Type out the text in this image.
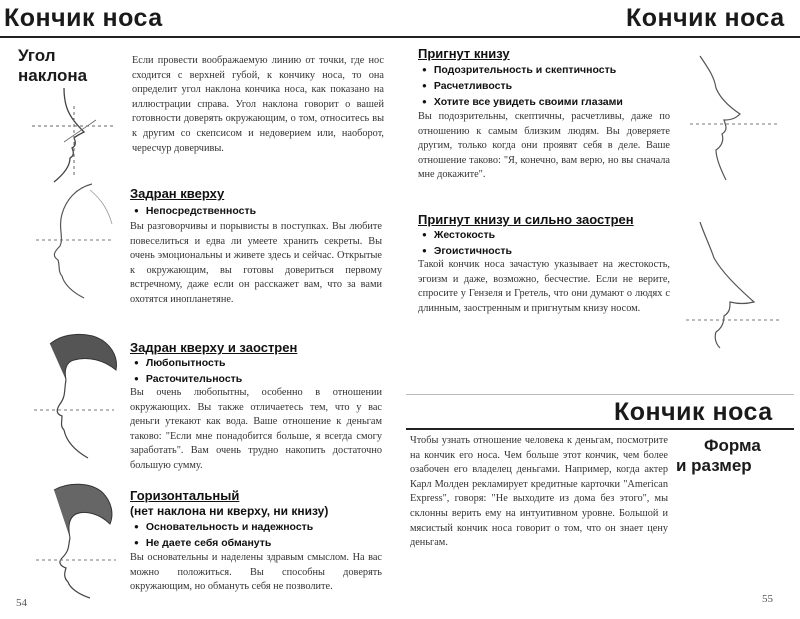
Кончик носа
Угол
наклона
Если провести воображаемую линию от точки, где нос сходится с верхней губой, к кончику носа, то она определит угол наклона кончика носа, как показано на иллюстрации справа. Угол наклона говорит о вашей готовности доверять окружающим, о том, относитесь вы к другим со скепсисом и недоверием или, наоборот, чересчур доверчивы.
Задран кверху
● Непосредственность
Вы разговорчивы и порывисты в поступках. Вы любите повеселиться и едва ли умеете хранить секреты. Вы очень эмоциональны и живете здесь и сейчас. Открытые к окружающим, вы готовы довериться первому встречному, даже если он расскажет вам, что за вами охотятся инопланетяне.
Задран кверху и заострен
● Любопытность
● Расточительность
Вы очень любопытны, особенно в отношении окружающих. Вы также отличаетесь тем, что у вас деньги утекают как вода. Ваше отношение к деньгам таково: "Если мне понадобится больше, я всегда смогу заработать". Вам очень трудно накопить достаточно большую сумму.
Горизонтальный
(нет наклона ни кверху, ни книзу)
● Основательность и надежность
● Не даете себя обмануть
Вы основательны и наделены здравым смыслом. На вас можно положиться. Вы способны доверять окружающим, но обмануть себя не позволите.
54
Кончик носа
Пригнут книзу
● Подозрительность и скептичность
● Расчетливость
● Хотите все увидеть своими глазами
Вы подозрительны, скептичны, расчетливы, даже по отношению к самым близким людям. Вы доверяете другим, только когда они проявят себя в деле. Ваше отношение таково: "Я, конечно, вам верю, но вы сначала мне докажите".
Пригнут книзу и сильно заострен
● Жестокость
● Эгоистичность
Такой кончик носа зачастую указывает на жестокость, эгоизм и даже, возможно, бесчестие. Если не верите, спросите у Гензеля и Гретель, что они думают о людях с длинным, заостренным и пригнутым книзу носом.
Кончик носа
Форма
и размер
Чтобы узнать отношение человека к деньгам, посмотрите на кончик его носа. Чем больше этот кончик, чем более озабочен его владелец деньгами. Например, когда актер Карл Молден рекламирует кредитные карточки "American Express", говоря: "Не выходите из дома без этого", мы склонны верить ему на интуитивном уровне. Большой и мясистый кончик носа говорит о том, что он знает цену деньгам.
55
